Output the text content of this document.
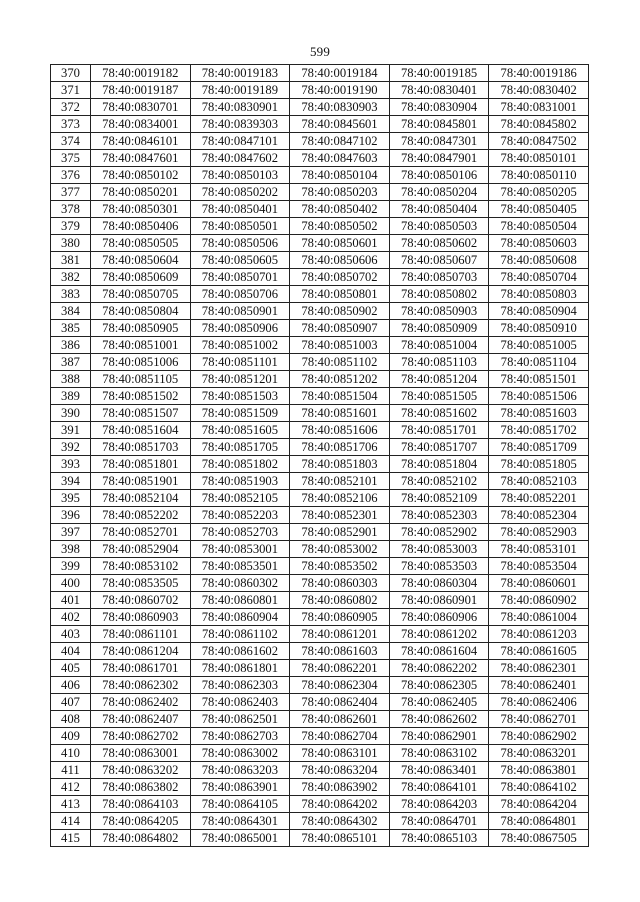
599
370	78:40:0019182	78:40:0019183	78:40:0019184	78:40:0019185	78:40:0019186
371	78:40:0019187	78:40:0019189	78:40:0019190	78:40:0830401	78:40:0830402
372	78:40:0830701	78:40:0830901	78:40:0830903	78:40:0830904	78:40:0831001
373	78:40:0834001	78:40:0839303	78:40:0845601	78:40:0845801	78:40:0845802
374	78:40:0846101	78:40:0847101	78:40:0847102	78:40:0847301	78:40:0847502
375	78:40:0847601	78:40:0847602	78:40:0847603	78:40:0847901	78:40:0850101
376	78:40:0850102	78:40:0850103	78:40:0850104	78:40:0850106	78:40:0850110
377	78:40:0850201	78:40:0850202	78:40:0850203	78:40:0850204	78:40:0850205
378	78:40:0850301	78:40:0850401	78:40:0850402	78:40:0850404	78:40:0850405
379	78:40:0850406	78:40:0850501	78:40:0850502	78:40:0850503	78:40:0850504
380	78:40:0850505	78:40:0850506	78:40:0850601	78:40:0850602	78:40:0850603
381	78:40:0850604	78:40:0850605	78:40:0850606	78:40:0850607	78:40:0850608
382	78:40:0850609	78:40:0850701	78:40:0850702	78:40:0850703	78:40:0850704
383	78:40:0850705	78:40:0850706	78:40:0850801	78:40:0850802	78:40:0850803
384	78:40:0850804	78:40:0850901	78:40:0850902	78:40:0850903	78:40:0850904
385	78:40:0850905	78:40:0850906	78:40:0850907	78:40:0850909	78:40:0850910
386	78:40:0851001	78:40:0851002	78:40:0851003	78:40:0851004	78:40:0851005
387	78:40:0851006	78:40:0851101	78:40:0851102	78:40:0851103	78:40:0851104
388	78:40:0851105	78:40:0851201	78:40:0851202	78:40:0851204	78:40:0851501
389	78:40:0851502	78:40:0851503	78:40:0851504	78:40:0851505	78:40:0851506
390	78:40:0851507	78:40:0851509	78:40:0851601	78:40:0851602	78:40:0851603
391	78:40:0851604	78:40:0851605	78:40:0851606	78:40:0851701	78:40:0851702
392	78:40:0851703	78:40:0851705	78:40:0851706	78:40:0851707	78:40:0851709
393	78:40:0851801	78:40:0851802	78:40:0851803	78:40:0851804	78:40:0851805
394	78:40:0851901	78:40:0851903	78:40:0852101	78:40:0852102	78:40:0852103
395	78:40:0852104	78:40:0852105	78:40:0852106	78:40:0852109	78:40:0852201
396	78:40:0852202	78:40:0852203	78:40:0852301	78:40:0852303	78:40:0852304
397	78:40:0852701	78:40:0852703	78:40:0852901	78:40:0852902	78:40:0852903
398	78:40:0852904	78:40:0853001	78:40:0853002	78:40:0853003	78:40:0853101
399	78:40:0853102	78:40:0853501	78:40:0853502	78:40:0853503	78:40:0853504
400	78:40:0853505	78:40:0860302	78:40:0860303	78:40:0860304	78:40:0860601
401	78:40:0860702	78:40:0860801	78:40:0860802	78:40:0860901	78:40:0860902
402	78:40:0860903	78:40:0860904	78:40:0860905	78:40:0860906	78:40:0861004
403	78:40:0861101	78:40:0861102	78:40:0861201	78:40:0861202	78:40:0861203
404	78:40:0861204	78:40:0861602	78:40:0861603	78:40:0861604	78:40:0861605
405	78:40:0861701	78:40:0861801	78:40:0862201	78:40:0862202	78:40:0862301
406	78:40:0862302	78:40:0862303	78:40:0862304	78:40:0862305	78:40:0862401
407	78:40:0862402	78:40:0862403	78:40:0862404	78:40:0862405	78:40:0862406
408	78:40:0862407	78:40:0862501	78:40:0862601	78:40:0862602	78:40:0862701
409	78:40:0862702	78:40:0862703	78:40:0862704	78:40:0862901	78:40:0862902
410	78:40:0863001	78:40:0863002	78:40:0863101	78:40:0863102	78:40:0863201
411	78:40:0863202	78:40:0863203	78:40:0863204	78:40:0863401	78:40:0863801
412	78:40:0863802	78:40:0863901	78:40:0863902	78:40:0864101	78:40:0864102
413	78:40:0864103	78:40:0864105	78:40:0864202	78:40:0864203	78:40:0864204
414	78:40:0864205	78:40:0864301	78:40:0864302	78:40:0864701	78:40:0864801
415	78:40:0864802	78:40:0865001	78:40:0865101	78:40:0865103	78:40:0867505
